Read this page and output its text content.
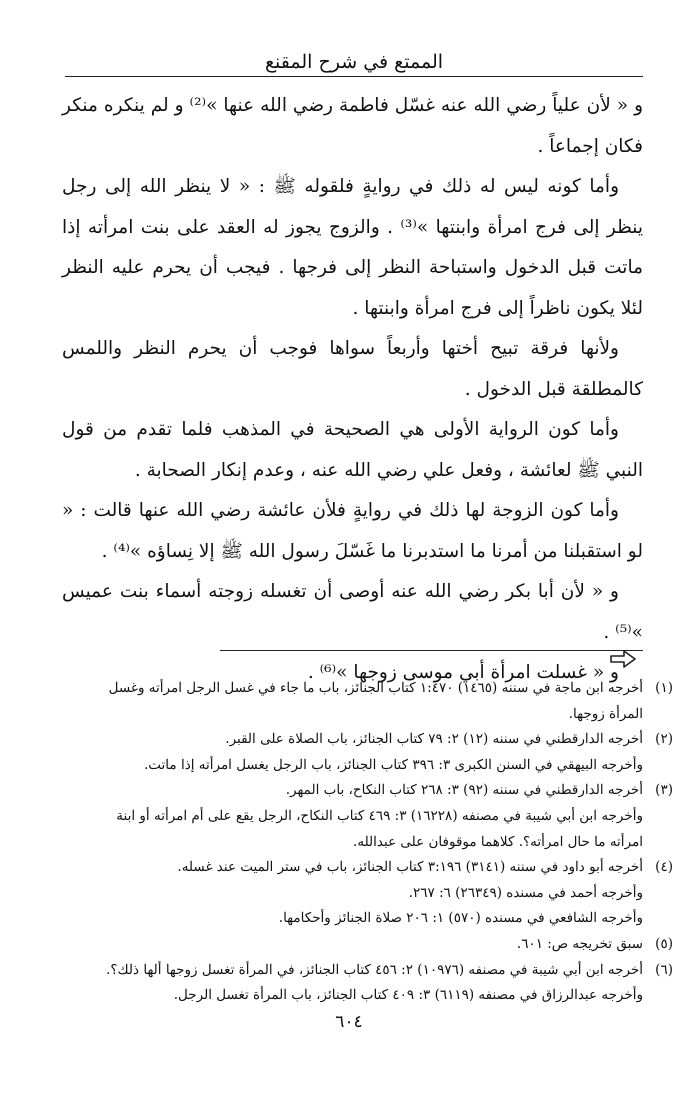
الممتع في شرح المقنع

و « لأن علياً رضي الله عنه غسّل فاطمة رضي الله عنها »⁽²⁾ و لم ينكره منكر فكان إجماعاً .

وأما كونه ليس له ذلك في روايةٍ فلقوله ﷺ : « لا ينظر الله إلى رجل ينظر إلى فرج امرأة وابنتها »⁽³⁾ . والزوج يجوز له العقد على بنت امرأته إذا ماتت قبل الدخول واستباحة النظر إلى فرجها . فيجب أن يحرم عليه النظر لئلا يكون ناظراً إلى فرج امرأة وابنتها .

ولأنها فرقة تبيح أختها وأربعاً سواها فوجب أن يحرم النظر واللمس كالمطلقة قبل الدخول .

وأما كون الرواية الأولى هي الصحيحة في المذهب فلما تقدم من قول النبي ﷺ لعائشة ، وفعل علي رضي الله عنه ، وعدم إنكار الصحابة .

وأما كون الزوجة لها ذلك في روايةٍ فلأن عائشة رضي الله عنها قالت : « لو استقبلنا من أمرنا ما استدبرنا ما غَسّلَ رسول الله ﷺ إلا نِساؤه »⁽⁴⁾ .

و « لأن أبا بكر رضي الله عنه أوصى أن تغسله زوجته أسماء بنت عميس »⁽⁵⁾ .

و « غسلت امرأة أبي موسى زوجها »⁽⁶⁾ .

(١)
أخرجه ابن ماجة في سننه (١٤٦٥) ١:٤٧٠ كتاب الجنائز، باب ما جاء في غسل الرجل امرأته وغسل
المرأة زوجها.
(٢)
أخرجه الدارقطني في سننه (١٢) ٢: ٧٩ كتاب الجنائز، باب الصلاة على القبر.
وأخرجه البيهقي في السنن الكبرى ٣: ٣٩٦ كتاب الجنائز، باب الرجل يغسل امرأته إذا ماتت.
(٣)
أخرجه الدارقطني في سننه (٩٢) ٣: ٢٦٨ كتاب النكاح، باب المهر.
وأخرجه ابن أبي شيبة في مصنفه (١٦٢٢٨) ٣: ٤٦٩ كتاب النكاح، الرجل يقع على أم امرأته أو ابنة
امرأته ما حال امرأته؟. كلاهما موقوفان على عبدالله.
(٤)
أخرجه أبو داود في سننه (٣١٤١) ٣:١٩٦ كتاب الجنائز، باب في ستر الميت عند غسله.
وأخرجه أحمد في مسنده (٢٦٣٤٩) ٦: ٢٦٧.
وأخرجه الشافعي في مسنده (٥٧٠) ١: ٢٠٦ صلاة الجنائز وأحكامها.
(٥)
سبق تخريجه ص: ٦٠١.
(٦)
أخرجه ابن أبي شيبة في مصنفه (١٠٩٧٦) ٢: ٤٥٦ كتاب الجنائز، في المرأة تغسل زوجها ألها ذلك؟.
وأخرجه عبدالرزاق في مصنفه (٦١١٩) ٣: ٤٠٩ كتاب الجنائز، باب المرأة تغسل الرجل.
٦٠٤
